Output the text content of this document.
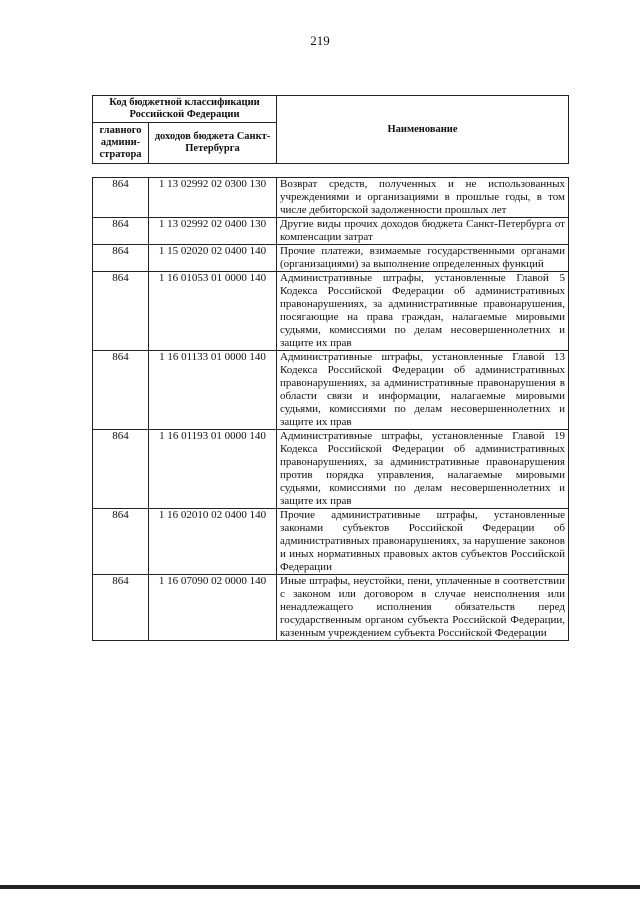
219
Код бюджетной классификации Российской Федерации		Наименование
главного админи-стратора	доходов бюджета Санкт-Петербурга	
864	1 13 02992 02 0300 130	Возврат средств, полученных и не использованных учреждениями и организациями в прошлые годы, в том числе дебиторской задолженности прошлых лет
864	1 13 02992 02 0400 130	Другие виды прочих доходов бюджета Санкт-Петербурга от компенсации затрат
864	1 15 02020 02 0400 140	Прочие платежи, взимаемые государственными органами (организациями) за выполнение определенных функций
864	1 16 01053 01 0000 140	Административные штрафы, установленные Главой 5 Кодекса Российской Федерации об административных правонарушениях, за административные правонарушения, посягающие на права граждан, налагаемые мировыми судьями, комиссиями по делам несовершеннолетних и защите их прав
864	1 16 01133 01 0000 140	Административные штрафы, установленные Главой 13 Кодекса Российской Федерации об административных правонарушениях, за административные правонарушения в области связи и информации, налагаемые мировыми судьями, комиссиями по делам несовершеннолетних и защите их прав
864	1 16 01193 01 0000 140	Административные штрафы, установленные Главой 19 Кодекса Российской Федерации об административных правонарушениях, за административные правонарушения против порядка управления, налагаемые мировыми судьями, комиссиями по делам несовершеннолетних и защите их прав
864	1 16 02010 02 0400 140	Прочие административные штрафы, установленные законами субъектов Российской Федерации об административных правонарушениях, за нарушение законов и иных нормативных правовых актов субъектов Российской Федерации
864	1 16 07090 02 0000 140	Иные штрафы, неустойки, пени, уплаченные в соответствии с законом или договором в случае неисполнения или ненадлежащего исполнения обязательств перед государственным органом субъекта Российской Федерации, казенным учреждением субъекта Российской Федерации
